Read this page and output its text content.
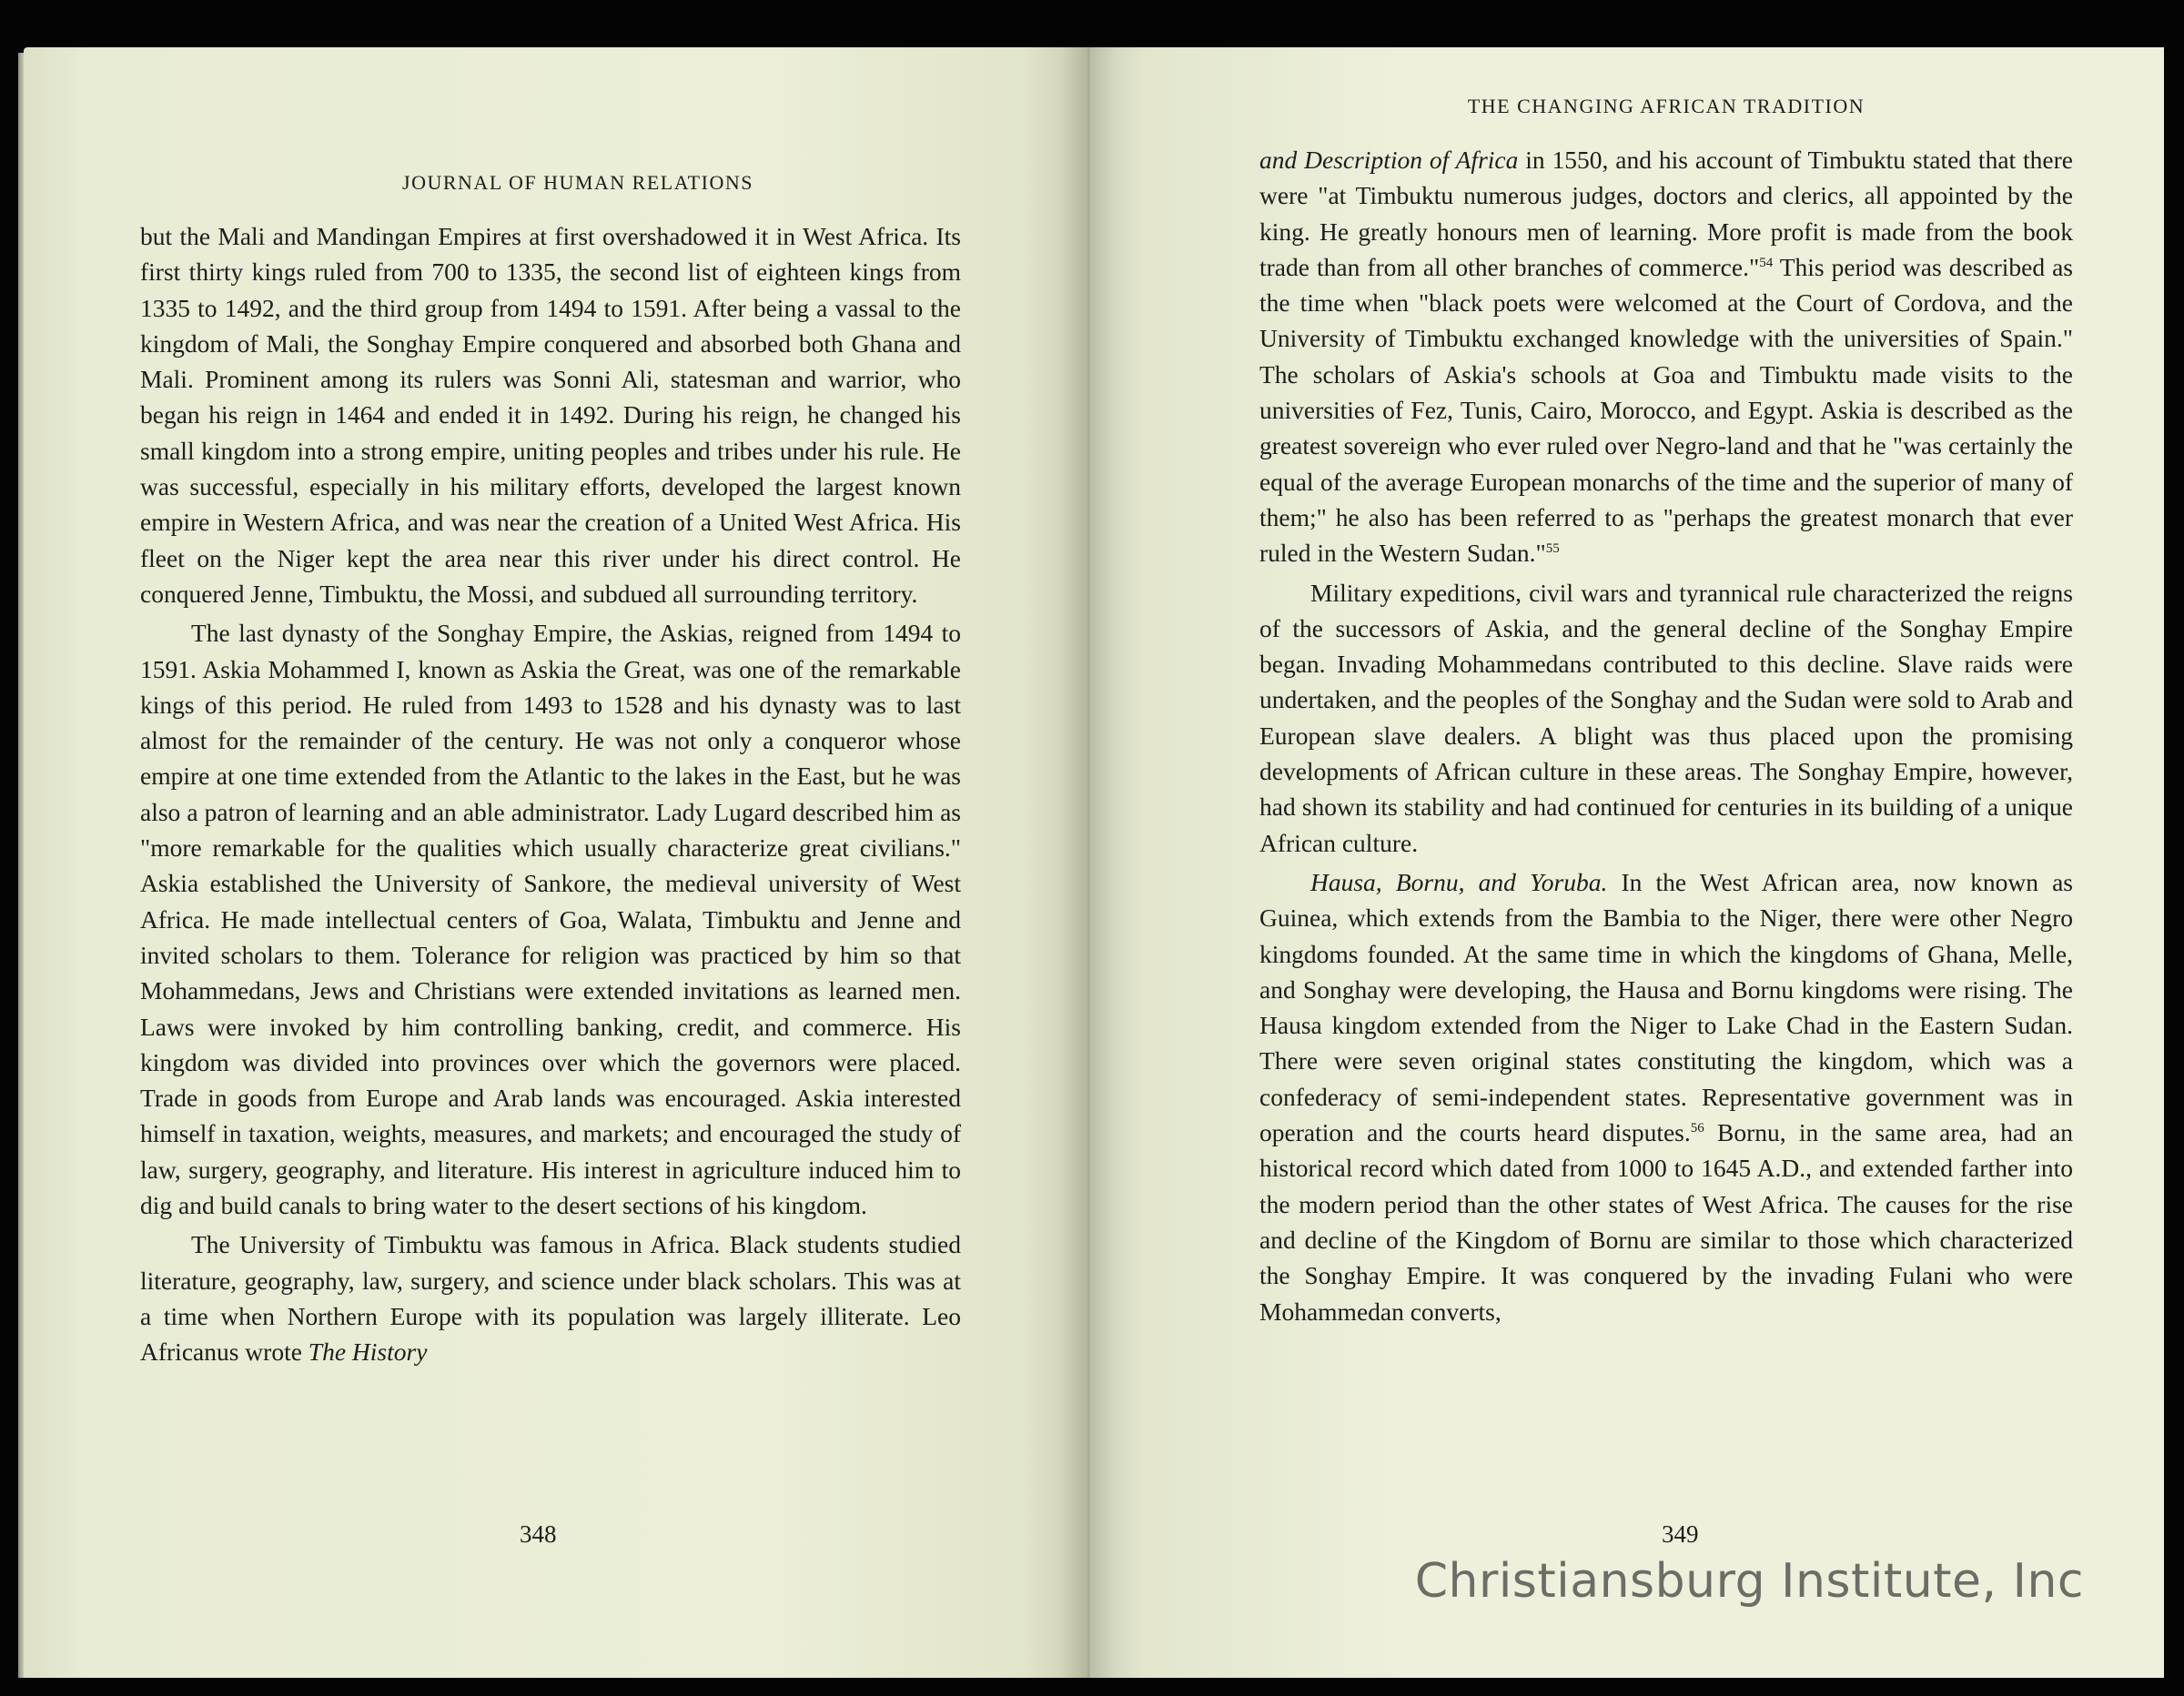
JOURNAL OF HUMAN RELATIONS

but the Mali and Mandingan Empires at first overshadowed it in West Africa. Its first thirty kings ruled from 700 to 1335, the second list of eighteen kings from 1335 to 1492, and the third group from 1494 to 1591. After being a vassal to the kingdom of Mali, the Songhay Empire conquered and absorbed both Ghana and Mali. Prominent among its rulers was Sonni Ali, statesman and warrior, who began his reign in 1464 and ended it in 1492. During his reign, he changed his small kingdom into a strong empire, uniting peoples and tribes under his rule. He was successful, especially in his military efforts, developed the largest known empire in Western Africa, and was near the creation of a United West Africa. His fleet on the Niger kept the area near this river under his direct control. He conquered Jenne, Timbuktu, the Mossi, and subdued all surrounding territory.

The last dynasty of the Songhay Empire, the Askias, reigned from 1494 to 1591. Askia Mohammed I, known as Askia the Great, was one of the remarkable kings of this period. He ruled from 1493 to 1528 and his dynasty was to last almost for the remainder of the century. He was not only a conqueror whose empire at one time extended from the Atlantic to the lakes in the East, but he was also a patron of learning and an able administrator. Lady Lugard described him as "more remarkable for the qualities which usually characterize great civilians." Askia established the University of Sankore, the medieval university of West Africa. He made intellectual centers of Goa, Walata, Timbuktu and Jenne and invited scholars to them. Tolerance for religion was practiced by him so that Mohammedans, Jews and Christians were extended invitations as learned men. Laws were invoked by him controlling banking, credit, and commerce. His kingdom was divided into provinces over which the governors were placed. Trade in goods from Europe and Arab lands was encouraged. Askia interested himself in taxation, weights, measures, and markets; and encouraged the study of law, surgery, geography, and literature. His interest in agriculture induced him to dig and build canals to bring water to the desert sections of his kingdom.

The University of Timbuktu was famous in Africa. Black students studied literature, geography, law, surgery, and science under black scholars. This was at a time when Northern Europe with its population was largely illiterate. Leo Africanus wrote The History

348
THE CHANGING AFRICAN TRADITION

and Description of Africa in 1550, and his account of Timbuktu stated that there were "at Timbuktu numerous judges, doctors and clerics, all appointed by the king. He greatly honours men of learning. More profit is made from the book trade than from all other branches of commerce."$^{54}$ This period was described as the time when "black poets were welcomed at the Court of Cordova, and the University of Timbuktu exchanged knowledge with the universities of Spain." The scholars of Askia's schools at Goa and Timbuktu made visits to the universities of Fez, Tunis, Cairo, Morocco, and Egypt. Askia is described as the greatest sovereign who ever ruled over Negro-land and that he "was certainly the equal of the average European monarchs of the time and the superior of many of them;" he also has been referred to as "perhaps the greatest monarch that ever ruled in the Western Sudan."$^{55}$

Military expeditions, civil wars and tyrannical rule characterized the reigns of the successors of Askia, and the general decline of the Songhay Empire began. Invading Mohammedans contributed to this decline. Slave raids were undertaken, and the peoples of the Songhay and the Sudan were sold to Arab and European slave dealers. A blight was thus placed upon the promising developments of African culture in these areas. The Songhay Empire, however, had shown its stability and had continued for centuries in its building of a unique African culture.

Hausa, Bornu, and Yoruba. In the West African area, now known as Guinea, which extends from the Bambia to the Niger, there were other Negro kingdoms founded. At the same time in which the kingdoms of Ghana, Melle, and Songhay were developing, the Hausa and Bornu kingdoms were rising. The Hausa kingdom extended from the Niger to Lake Chad in the Eastern Sudan. There were seven original states constituting the kingdom, which was a confederacy of semi-independent states. Representative government was in operation and the courts heard disputes.$^{56}$ Bornu, in the same area, had an historical record which dated from 1000 to 1645 A.D., and extended farther into the modern period than the other states of West Africa. The causes for the rise and decline of the Kingdom of Bornu are similar to those which characterized the Songhay Empire. It was conquered by the invading Fulani who were Mohammedan converts,

349
Christiansburg Institute, Inc
